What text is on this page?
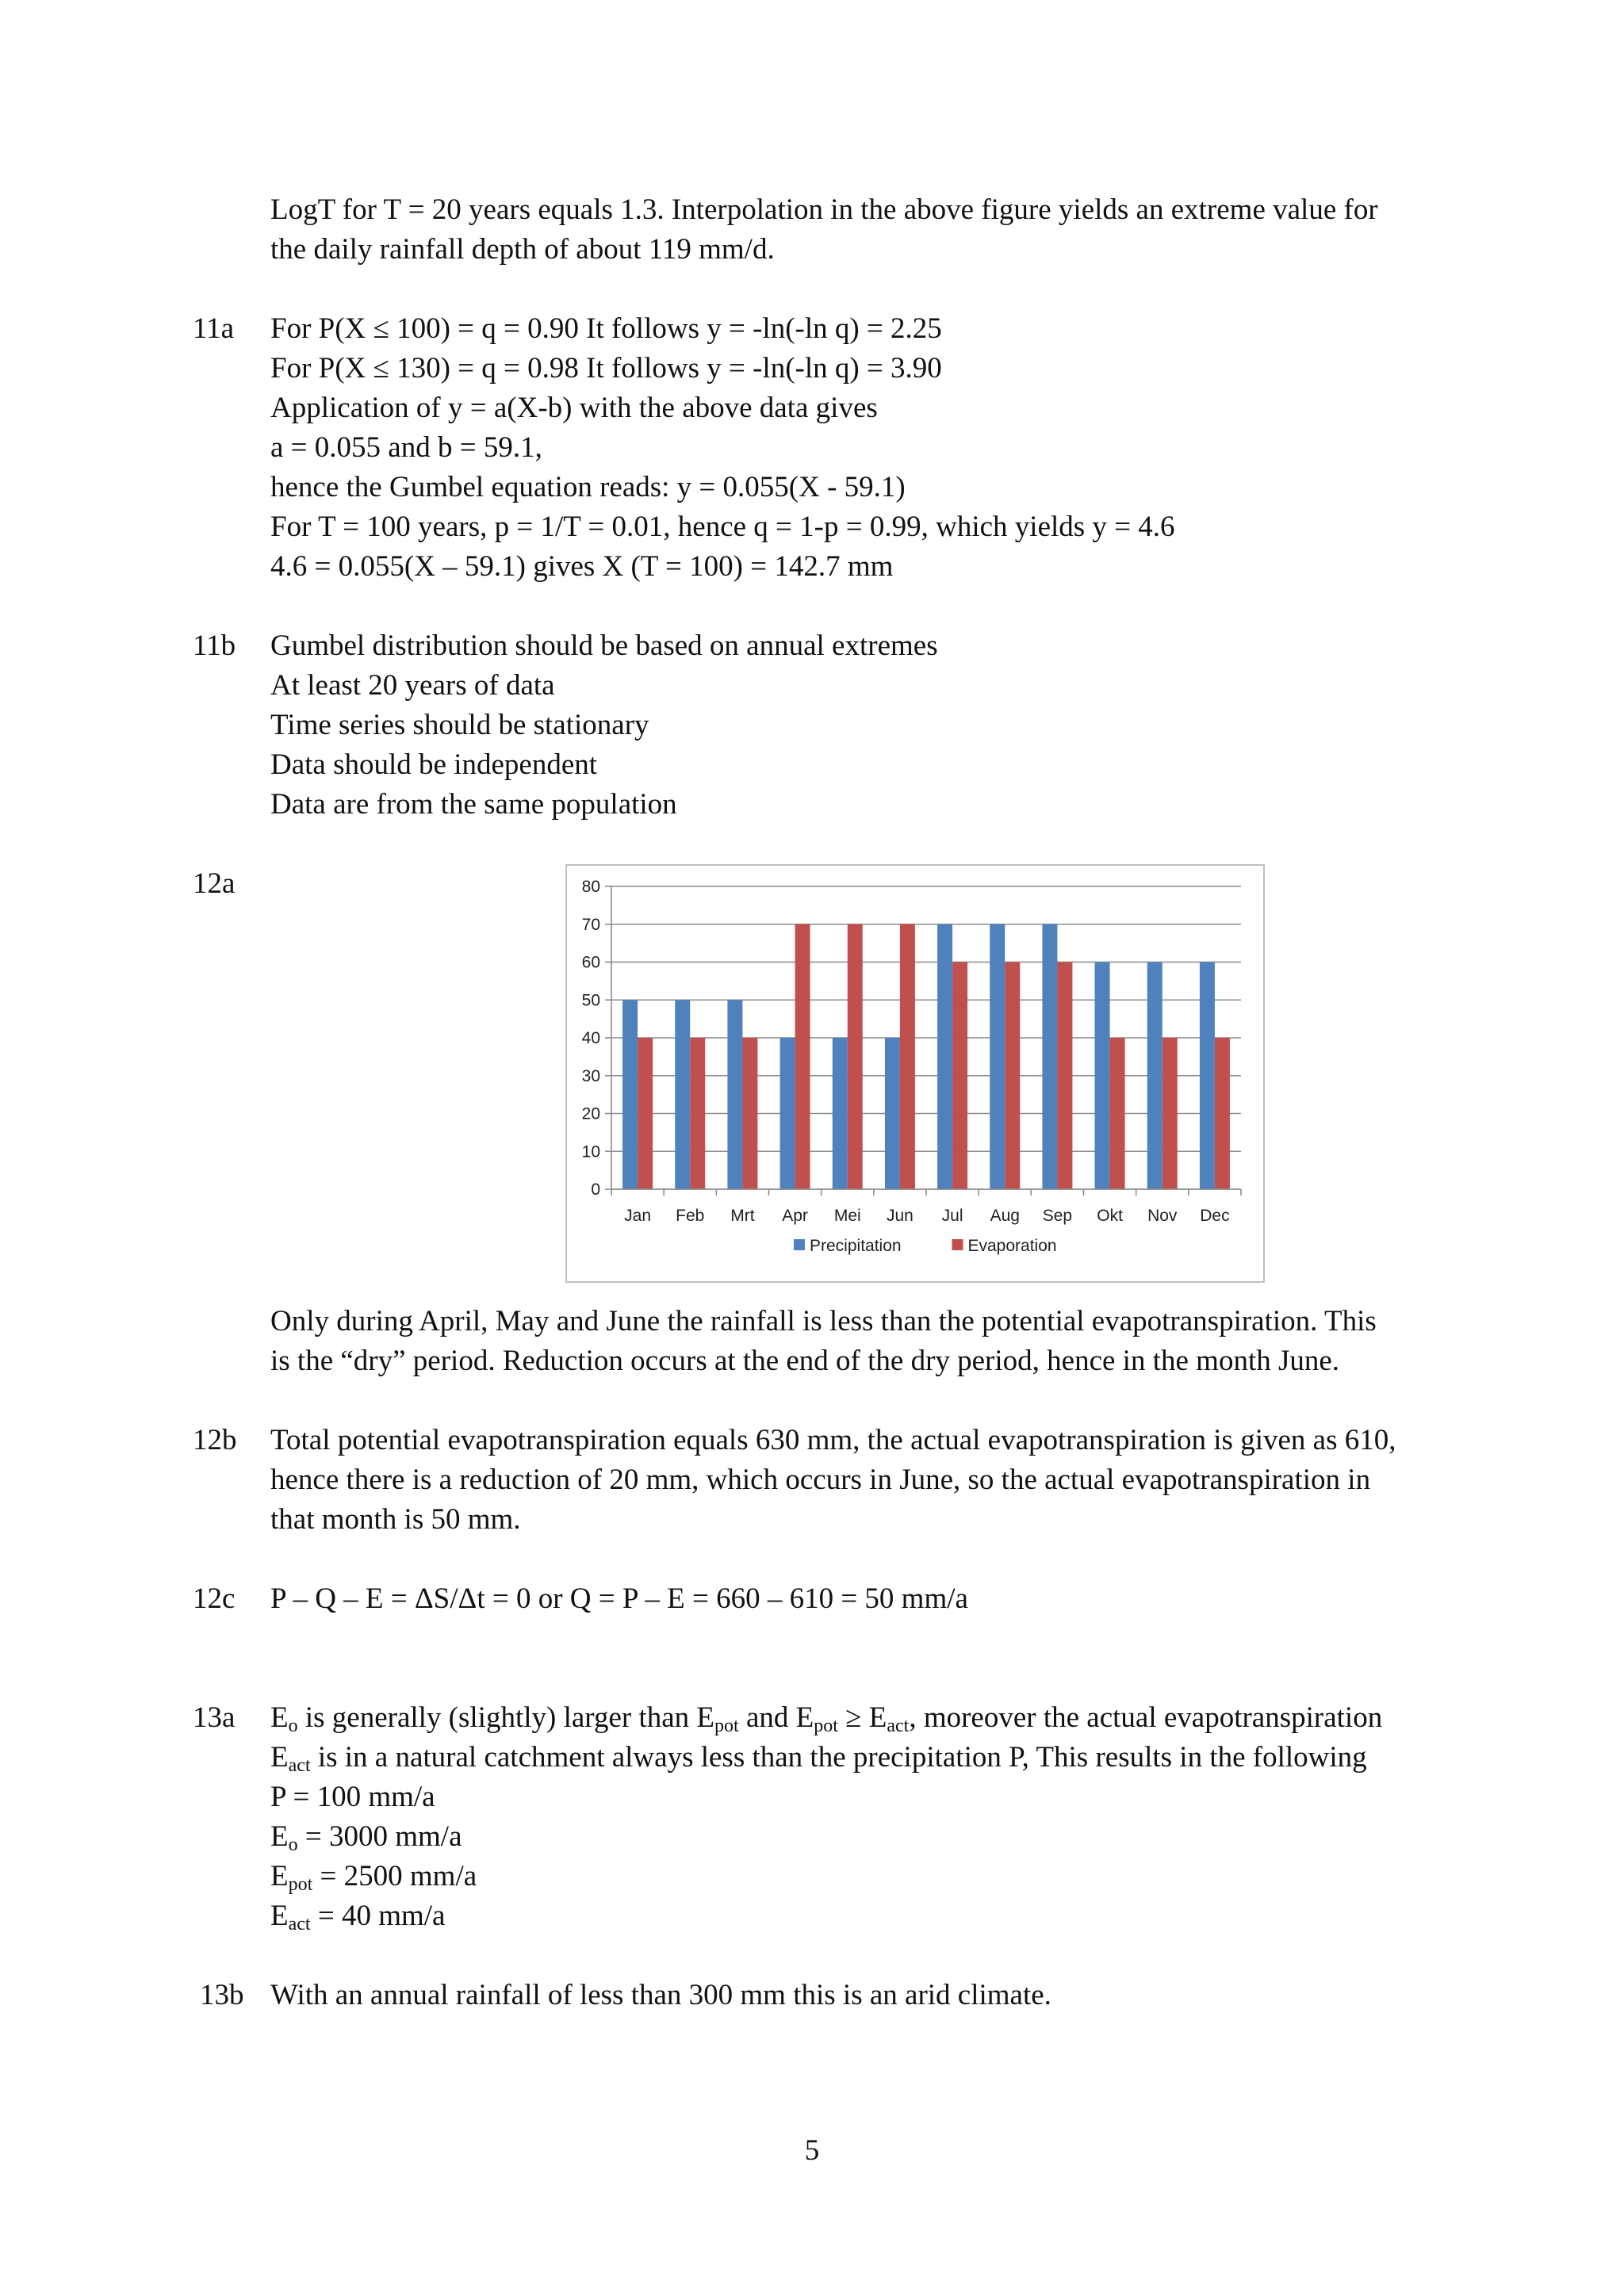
LogT for T = 20 years equals 1.3. Interpolation in the above figure yields an extreme value for
the daily rainfall depth of about 119 mm/d.
11a For P(X ≤ 100) = q = 0.90 It follows y = -ln(-ln q) = 2.25
For P(X ≤ 130) = q = 0.98 It follows y = -ln(-ln q) = 3.90
Application of y = a(X-b) with the above data gives
a = 0.055 and b = 59.1,
hence the Gumbel equation reads: y = 0.055(X - 59.1)
For T = 100 years, p = 1/T = 0.01, hence q = 1-p = 0.99, which yields y = 4.6
4.6 = 0.055(X – 59.1) gives X (T = 100) = 142.7 mm
11b Gumbel distribution should be based on annual extremes
At least 20 years of data
Time series should be stationary
Data should be independent
Data are from the same population
12a
0
10
20
30
40
50
60
70
80
Jan Feb Mrt Apr Mei Jun Jul Aug Sep Okt Nov Dec
Precipitation	Evaporation
Only during April, May and June the rainfall is less than the potential evapotranspiration. This
is the “dry” period. Reduction occurs at the end of the dry period, hence in the month June.
12b Total potential evapotranspiration equals 630 mm, the actual evapotranspiration is given as 610,
hence there is a reduction of 20 mm, which occurs in June, so the actual evapotranspiration in
that month is 50 mm.
12c P – Q – E = ΔS/Δt = 0 or Q = P – E = 660 – 610 = 50 mm/a
13a $E_o$ is generally (slightly) larger than $E_{pot}$ and $E_{pot} \ge E_{act}$, moreover the actual evapotranspiration
$E_{act}$ is in a natural catchment always less than the precipitation P, This results in the following
P = 100 mm/a
$E_o = 3000$ mm/a
$E_{pot} = 2500$ mm/a
$E_{act} = 40$ mm/a
13b With an annual rainfall of less than 300 mm this is an arid climate.
5
